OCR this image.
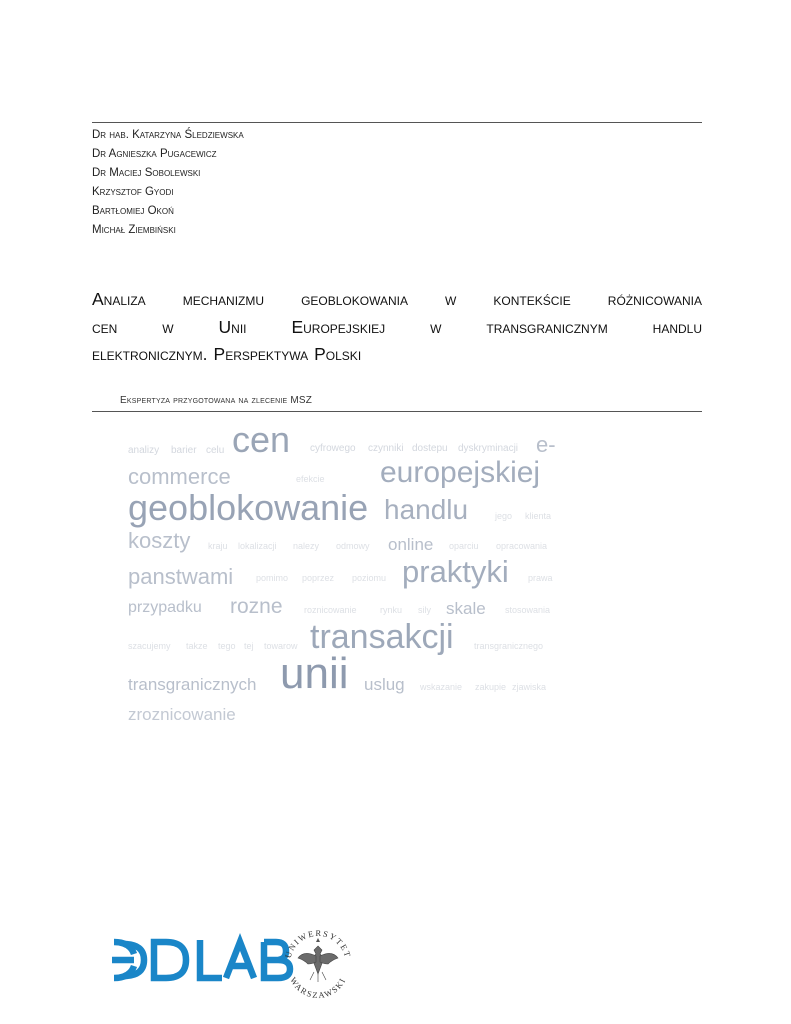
Dr hab. Katarzyna Śledziewska
Dr Agnieszka Pugacewicz
Dr Maciej Sobolewski
Krzysztof Gyodi
Bartłomiej Okoń
Michał Ziembiński
Analiza mechanizmu geoblokowania w kontekście różnicowania
cen	w	Unii	Europejskiej	w	transgranicznym	handlu
elektronicznym. Perspektywa Polski
Ekspertyza przygotowana na zlecenie MSZ
analizy barier celu cen cyfrowego czynniki dostepu dyskryminacji e-
commerce	efekcie europejskiej
geoblokowanie handlu	jego klienta
koszty kraju lokalizacji nalezy odmowy online oparciu opracowania
panstwami	pomimo poprzez poziomu praktyki prawa
przypadku rozne roznicowanie	rynku sily skale stosowania
szacujemy takze tego tej towarow transakcji transgranicznego
transgranicznych unii uslug wskazanie zakupie zjawiska
zroznicowanie
UNIWERSYTET
WARSZAWSKI
